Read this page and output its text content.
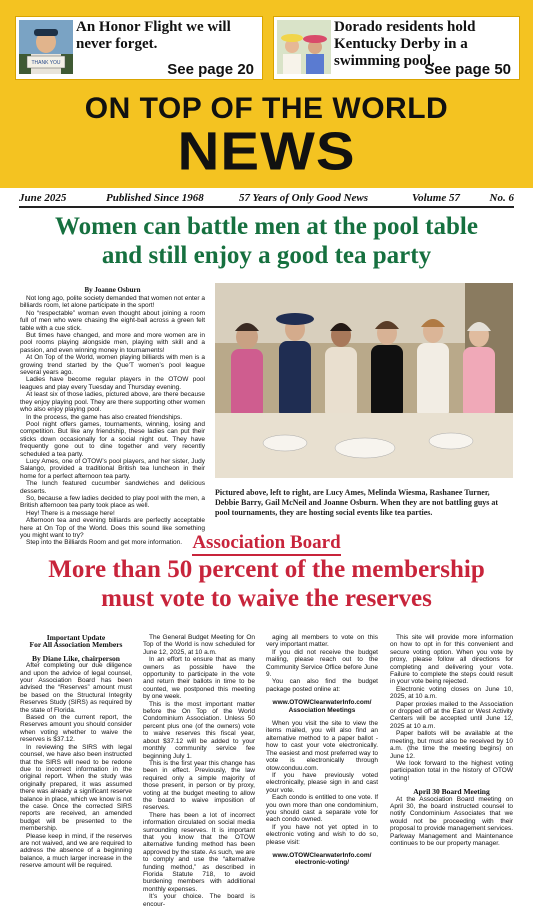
THANK YOU
An Honor Flight we will never forget.
See page 20
Dorado residents hold Kentucky Derby in a swimming pool.
See page 50
ON TOP OF THE WORLD
NEWS
June 2025	Published Since 1968	57 Years of Only Good News	Volume 57	No. 6
Women can battle men at the pool table
and still enjoy a good tea party
By Joanne Osburn

Not long ago, polite society demanded that women not enter a billiards room, let alone participate in the sport!

No “respectable” woman even thought about joining a room full of men who were chasing the eight-ball across a green felt table with a cue stick.

But times have changed, and more and more women are in pool rooms playing alongside men, playing with skill and a passion, and even winning money in tournaments!

At On Top of the World, women playing billiards with men is a growing trend started by the Que’T women’s pool league several years ago.

Ladies have become regular players in the OTOW pool leagues and play every Tuesday and Thursday evening.

At least six of those ladies, pictured above, are there because they enjoy playing pool. They are there supporting other women who also enjoy playing pool.

In the process, the game has also created friendships.

Pool night offers games, tournaments, winning, losing and competition. But like any friendship, these ladies can put their sticks down occasionally for a social night out. They have frequently gone out to dine together and very recently scheduled a tea party.

Lucy Ames, one of OTOW’s pool players, and her sister, Judy Salango, provided a traditional British tea luncheon in their home for a perfect afternoon tea party.

The lunch featured cucumber sandwiches and delicious desserts.

So, because a few ladies decided to play pool with the men, a British afternoon tea party took place as well.

Hey! There is a message here!

Afternoon tea and evening billiards are perfectly acceptable here at On Top of the World. Does this sound like something you might want to try?

Step into the Billiards Room and get more information.

Pictured above, left to right, are Lucy Ames, Melinda Wiesma, Rashanee Turner, Debbie Barry, Gail McNeil and Joanne Osburn. When they are not battling guys at pool tournaments, they are hosting social events like tea parties.
Association Board
More than 50 percent of the membership
must vote to waive the reserves
Important Update
For All Association Members
By Diane Like, chairperson

After completing our due diligence and upon the advice of legal counsel, your Association Board has been advised the “Reserves” amount must be based on the Structural Integrity Reserves Study (SIRS) as required by the state of Florida.

Based on the current report, the Reserves amount you should consider when voting whether to waive the reserves is $37.12.

In reviewing the SIRS with legal counsel, we have also been instructed that the SIRS will need to be redone due to incorrect information in the original report. When the study was originally prepared, it was assumed there was already a significant reserve balance in place, which we know is not the case. Once the corrected SIRS reports are received, an amended budget will be presented to the membership.

Please keep in mind, if the reserves are not waived, and we are required to address the absence of a beginning balance, a much larger increase in the reserve amount will be required.

The General Budget Meeting for On Top of the World is now scheduled for June 12, 2025, at 10 a.m.

In an effort to ensure that as many owners as possible have the opportunity to participate in the vote and return their ballots in time to be counted, we postponed this meeting by one week.

This is the most important matter before the On Top of the World Condominium Association. Unless 50 percent plus one (of the owners) vote to waive reserves this fiscal year, about $37.12 will be added to your monthly community service fee beginning July 1.

This is the first year this change has been in effect. Previously, the law required only a simple majority of those present, in person or by proxy, voting at the budget meeting to allow the board to waive imposition of reserves.

There has been a lot of incorrect information circulated on social media surrounding reserves. It is important that you know that the OTOW alternative funding method has been approved by the state. As such, we are to comply and use the “alternative funding method,” as described in Florida Statute 718, to avoid burdening members with additional monthly expenses.

It’s your choice. The board is encour-

aging all members to vote on this very important matter.

If you did not receive the budget mailing, please reach out to the Community Service Office before June 9.

You can also find the budget package posted online at:

www.OTOWClearwaterInfo.com/
Association Meetings

When you visit the site to view the items mailed, you will also find an alternative method to a paper ballot - how to cast your vote electronically. The easiest and most preferred way to vote is electronically through otow.conduu.com.

If you have previously voted electronically, please sign in and cast your vote.

Each condo is entitled to one vote. If you own more than one condominium, you should cast a separate vote for each condo owned.

If you have not yet opted in to electronic voting and wish to do so, please visit:

www.OTOWClearwaterInfo.com/
electronic-voting/

This site will provide more information on how to opt in for this convenient and secure voting option. When you vote by proxy, please follow all directions for completing and delivering your vote. Failure to complete the steps could result in your vote being rejected.

Electronic voting closes on June 10, 2025, at 10 a.m.

Paper proxies mailed to the Association or dropped off at the East or West Activity Centers will be accepted until June 12, 2025 at 10 a.m.

Paper ballots will be available at the meeting, but must also be received by 10 a.m. (the time the meeting begins) on June 12.

We look forward to the highest voting participation total in the history of OTOW voting!

April 30 Board Meeting

At the Association Board meeting on April 30, the board instructed counsel to notify Condominium Associates that we would not be proceeding with their proposal to provide management services. Parkway Management and Maintenance continues to be our property manager.
